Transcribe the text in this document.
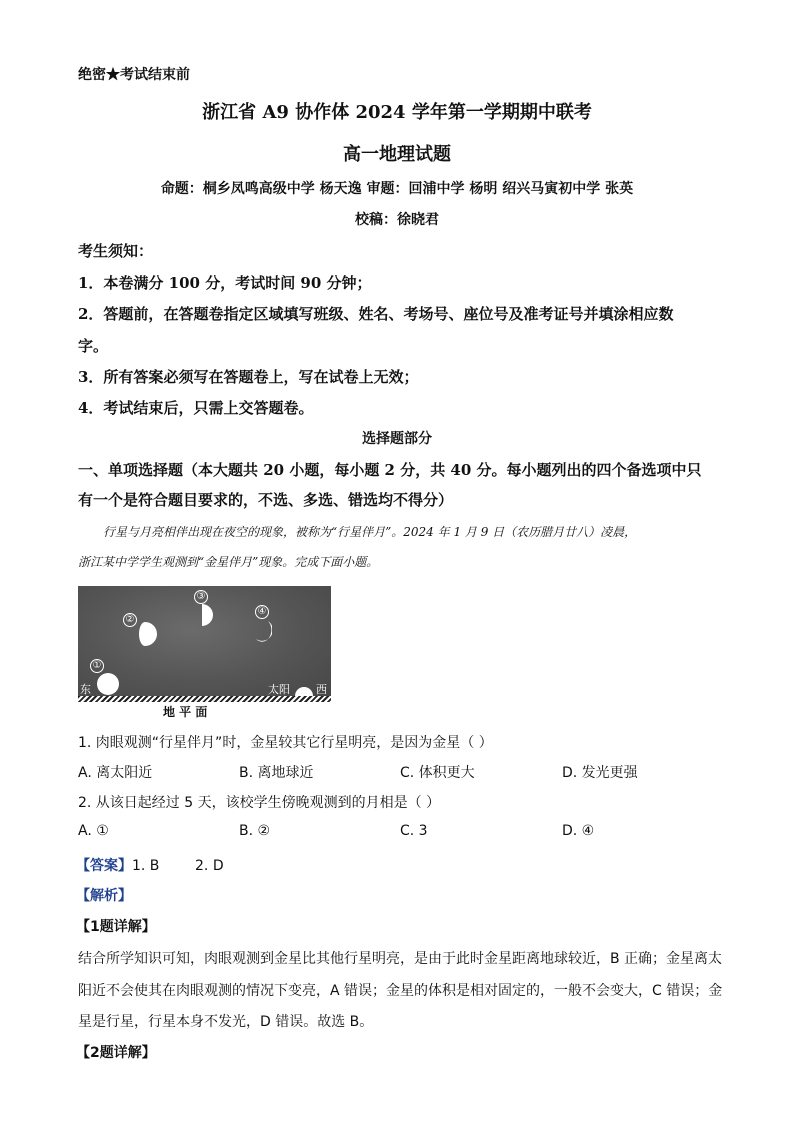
绝密★考试结束前
浙江省 A9 协作体 2024 学年第一学期期中联考
高一地理试题
命题：桐乡凤鸣高级中学 杨天逸 审题：回浦中学 杨明 绍兴马寅初中学 张英
校稿：徐晓君
考生须知：
1．本卷满分 100 分，考试时间 90 分钟；
2．答题前，在答题卷指定区域填写班级、姓名、考场号、座位号及准考证号并填涂相应数
字。
3．所有答案必须写在答题卷上，写在试卷上无效；
4．考试结束后，只需上交答题卷。
选择题部分
一、单项选择题（本大题共 20 小题，每小题 2 分，共 40 分。每小题列出的四个备选项中只
有一个是符合题目要求的，不选、多选、错选均不得分）
行星与月亮相伴出现在夜空的现象，被称为“行星伴月”。2024 年 1 月 9 日（农历腊月廿八）凌晨，
浙江某中学学生观测到“金星伴月”现象。完成下面小题。
②
③
④
①
东	太阳 西
地 平 面
1. 肉眼观测“行星伴月”时，金星较其它行星明亮，是因为金星（ ）
A. 离太阳近	B. 离地球近	C. 体积更大	D. 发光更强
2. 从该日起经过 5 天，该校学生傍晚观测到的月相是（ ）
A. ①	B. ②	C. 3	D. ④
【答案】1. B        2. D
【解析】
【1题详解】
结合所学知识可知，肉眼观测到金星比其他行星明亮，是由于此时金星距离地球较近，B 正确；金星离太
阳近不会使其在肉眼观测的情况下变亮，A 错误；金星的体积是相对固定的，一般不会变大，C 错误；金
星是行星，行星本身不发光，D 错误。故选 B。
【2题详解】
